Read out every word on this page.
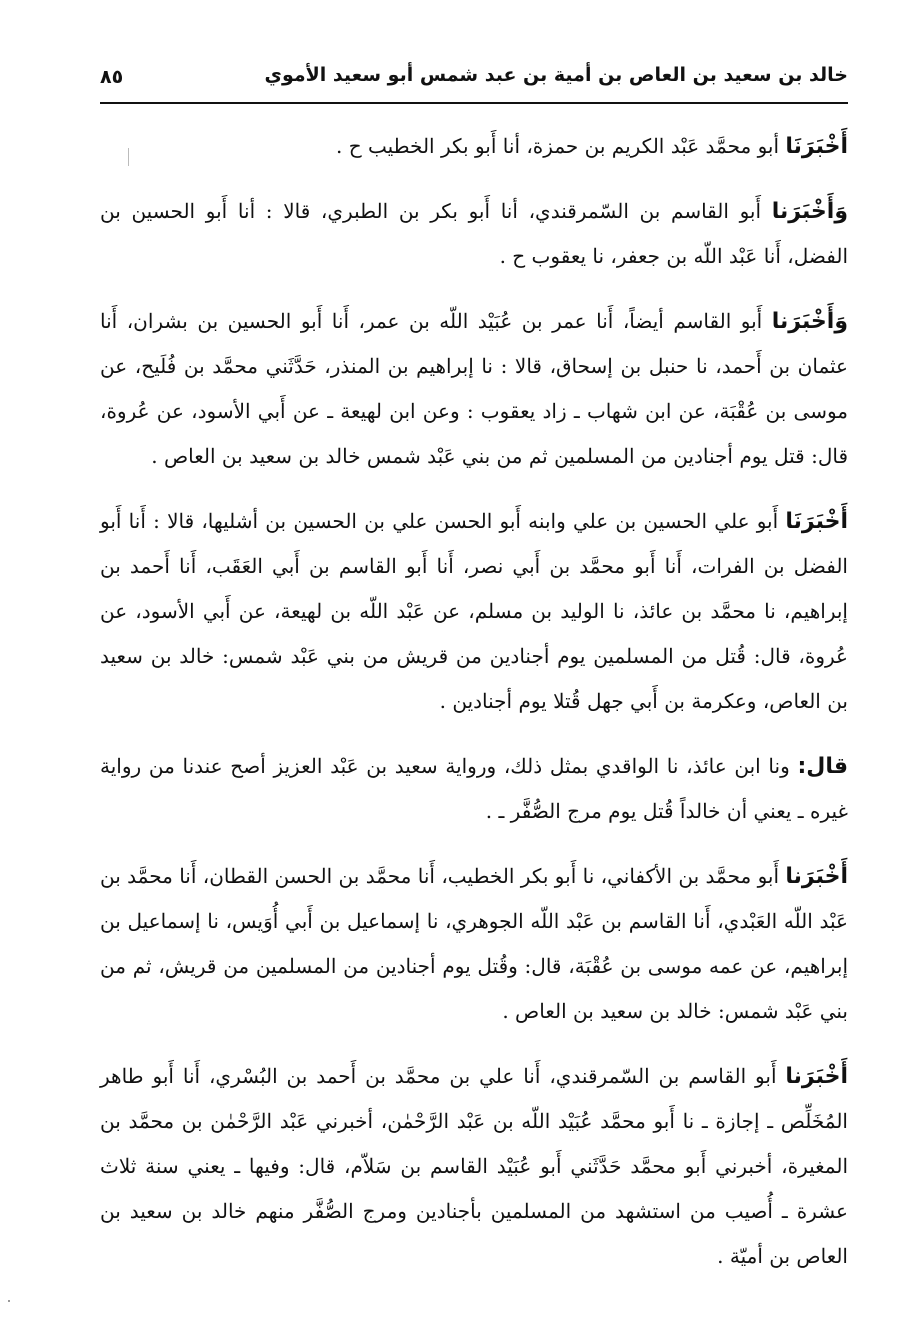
خالد بن سعيد بن العاص بن أمية بن عبد شمس أبو سعيد الأموي
٨٥

أَخْبَرَنَا أبو محمَّد عَبْد الكريم بن حمزة، أنا أَبو بكر الخطيب ح .

وَأَخْبَرَنا أَبو القاسم بن السّمرقندي، أنا أَبو بكر بن الطبري، قالا : أنا أَبو الحسين بن الفضل، أَنا عَبْد اللّه بن جعفر، نا يعقوب ح .

وَأَخْبَرَنا أَبو القاسم أيضاً، أَنا عمر بن عُبَيْد اللّه بن عمر، أَنا أَبو الحسين بن بشران، أَنا عثمان بن أَحمد، نا حنبل بن إسحاق، قالا : نا إبراهيم بن المنذر، حَدَّثَني محمَّد بن فُلَيح، عن موسى بن عُقْبَة، عن ابن شهاب ـ زاد يعقوب : وعن ابن لهيعة ـ عن أَبي الأسود، عن عُروة، قال: قتل يوم أجنادين من المسلمين ثم من بني عَبْد شمس خالد بن سعيد بن العاص .

أَخْبَرَنَا أَبو علي الحسين بن علي وابنه أَبو الحسن علي بن الحسين بن أشليها، قالا : أَنا أَبو الفضل بن الفرات، أَنا أَبو محمَّد بن أَبي نصر، أَنا أَبو القاسم بن أَبي العَقَب، أَنا أَحمد بن إبراهيم، نا محمَّد بن عائذ، نا الوليد بن مسلم، عن عَبْد اللّه بن لهيعة، عن أَبي الأسود، عن عُروة، قال: قُتل من المسلمين يوم أجنادين من قريش من بني عَبْد شمس: خالد بن سعيد بن العاص، وعكرمة بن أَبي جهل قُتلا يوم أجنادين .

قال: ونا ابن عائذ، نا الواقدي بمثل ذلك، ورواية سعيد بن عَبْد العزيز أصح عندنا من رواية غيره ـ يعني أن خالداً قُتل يوم مرج الصُّفَّر ـ .

أَخْبَرَنا أَبو محمَّد بن الأكفاني، نا أَبو بكر الخطيب، أَنا محمَّد بن الحسن القطان، أَنا محمَّد بن عَبْد اللّه العَبْدي، أَنا القاسم بن عَبْد اللّه الجوهري، نا إسماعيل بن أَبي أُوَيس، نا إسماعيل بن إبراهيم، عن عمه موسى بن عُقْبَة، قال: وقُتل يوم أجنادين من المسلمين من قريش، ثم من بني عَبْد شمس: خالد بن سعيد بن العاص .

أَخْبَرَنا أَبو القاسم بن السّمرقندي، أَنا علي بن محمَّد بن أَحمد بن البُسْري، أَنا أَبو طاهر المُخَلِّص ـ إجازة ـ نا أَبو محمَّد عُبَيْد اللّه بن عَبْد الرَّحْمٰن، أخبرني عَبْد الرَّحْمٰن بن محمَّد بن المغيرة، أخبرني أَبو محمَّد حَدَّثَني أَبو عُبَيْد القاسم بن سَلاّم، قال: وفيها ـ يعني سنة ثلاث عشرة ـ أُصيب من استشهد من المسلمين بأجنادين ومرج الصُّفَّر منهم خالد بن سعيد بن العاص بن أميّة .
